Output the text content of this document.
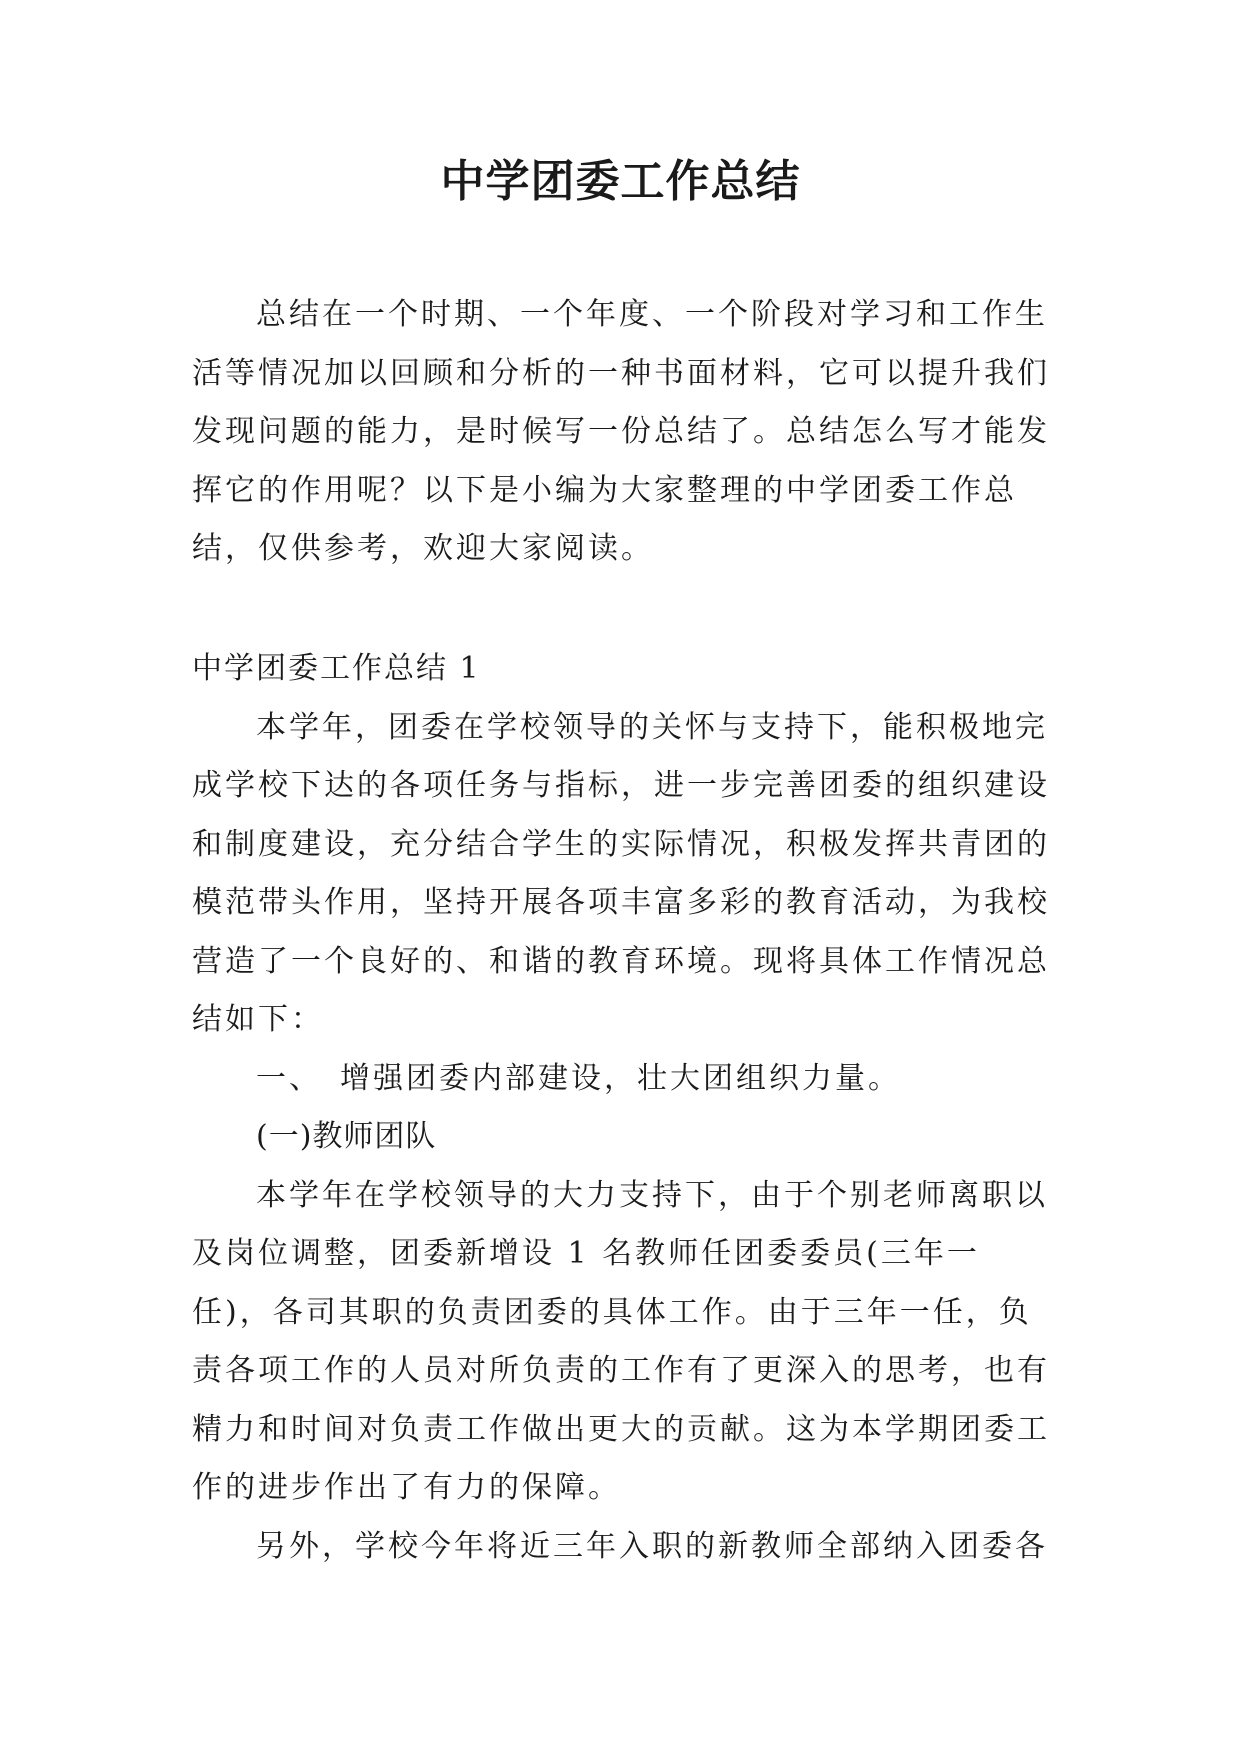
中学团委工作总结

总结在一个时期、一个年度、一个阶段对学习和工作生活等情况加以回顾和分析的一种书面材料，它可以提升我们发现问题的能力，是时候写一份总结了。总结怎么写才能发挥它的作用呢？以下是小编为大家整理的中学团委工作总结，仅供参考，欢迎大家阅读。

中学团委工作总结 1

本学年，团委在学校领导的关怀与支持下，能积极地完成学校下达的各项任务与指标，进一步完善团委的组织建设和制度建设，充分结合学生的实际情况，积极发挥共青团的模范带头作用，坚持开展各项丰富多彩的教育活动，为我校营造了一个良好的、和谐的教育环境。现将具体工作情况总结如下：

一、　增强团委内部建设，壮大团组织力量。

(一)教师团队

本学年在学校领导的大力支持下，由于个别老师离职以及岗位调整，团委新增设 1 名教师任团委委员(三年一任)，各司其职的负责团委的具体工作。由于三年一任，负责各项工作的人员对所负责的工作有了更深入的思考，也有精力和时间对负责工作做出更大的贡献。这为本学期团委工作的进步作出了有力的保障。

另外，学校今年将近三年入职的新教师全部纳入团委各
